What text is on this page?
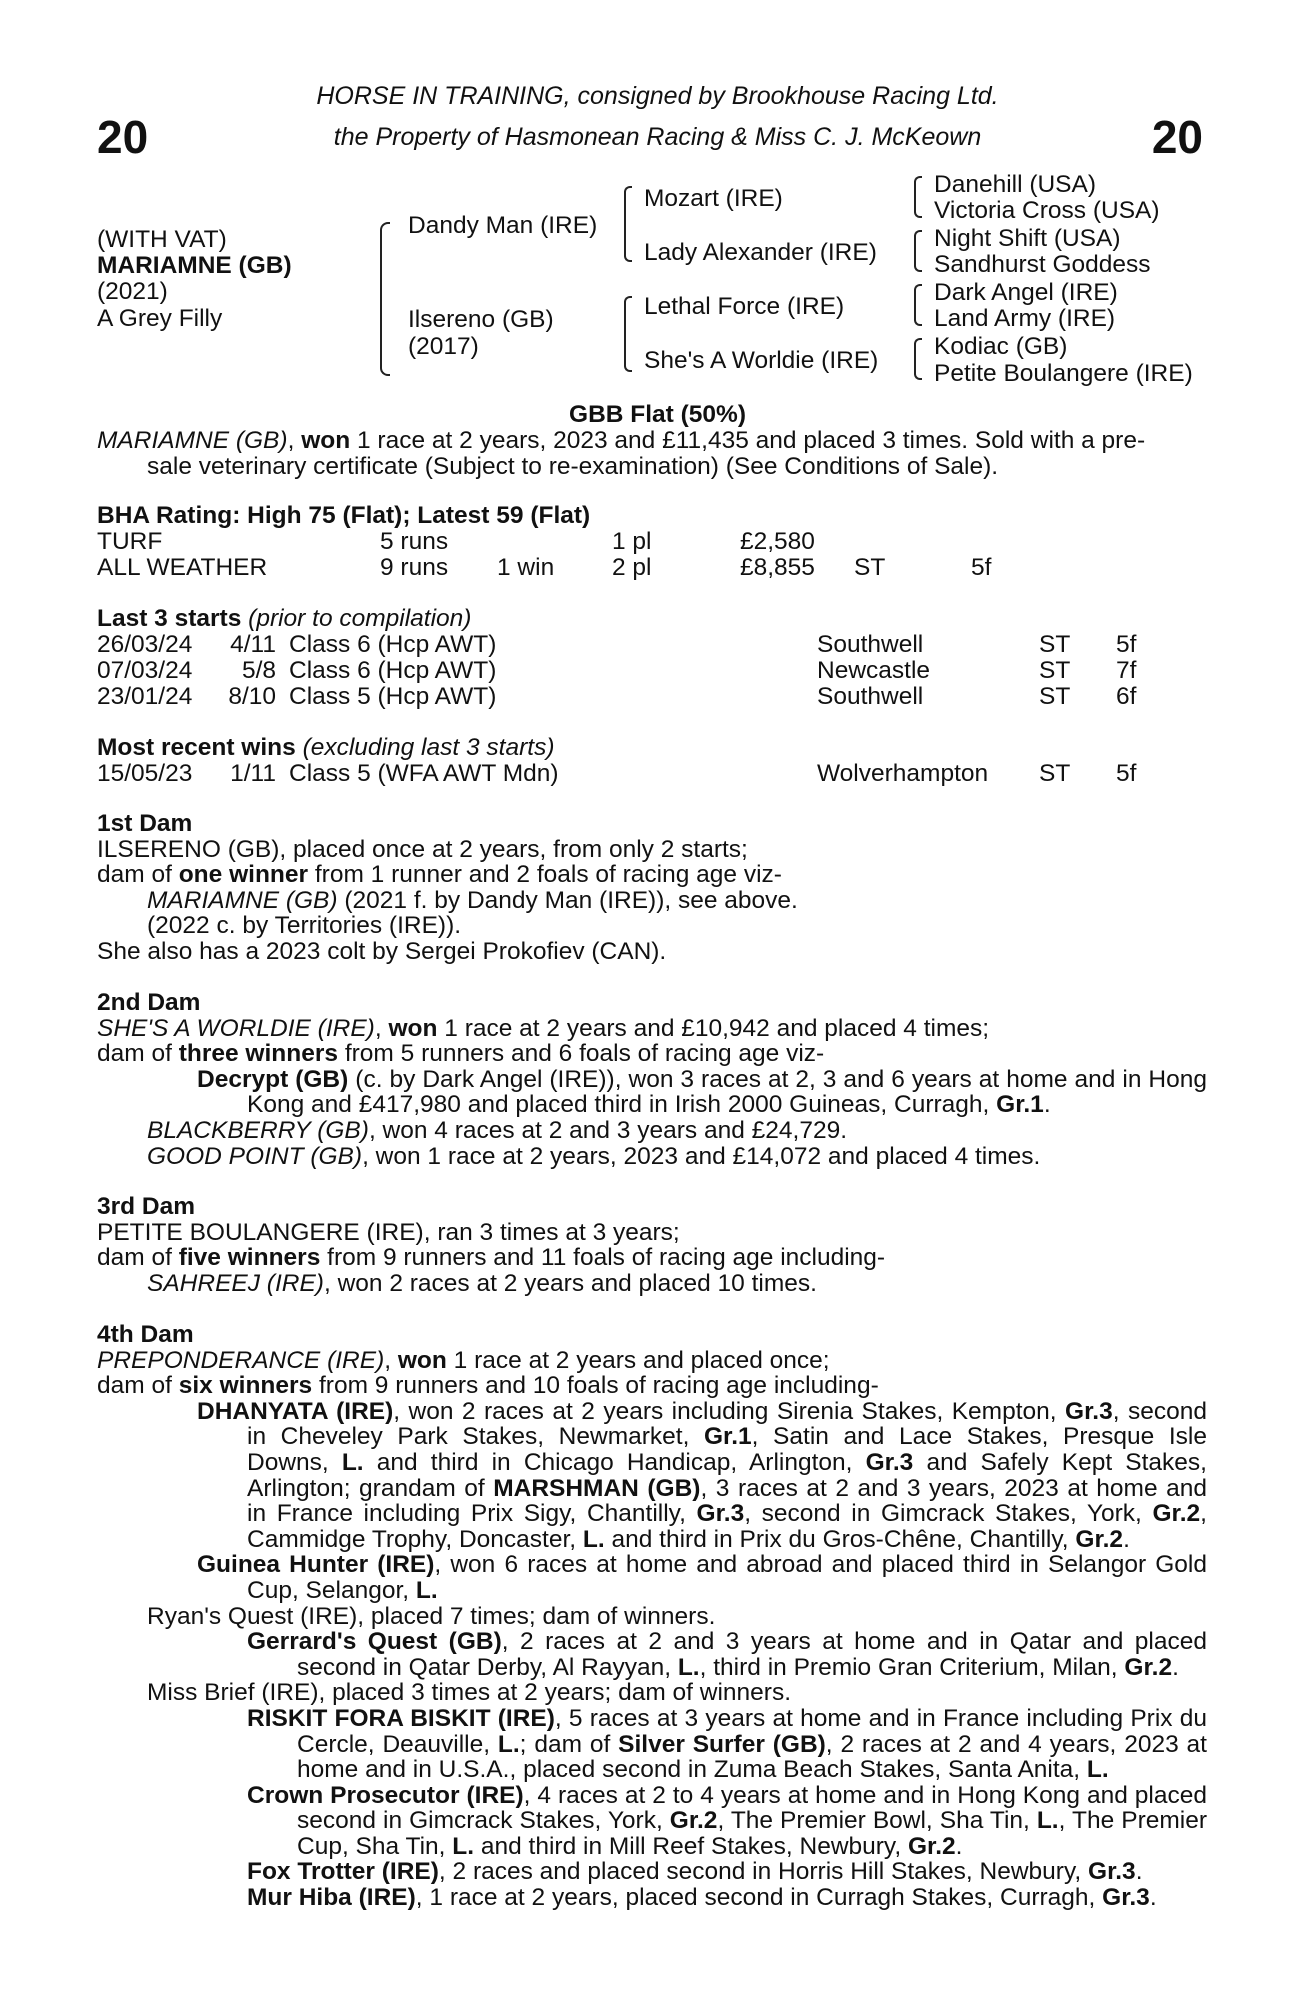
20	20
HORSE IN TRAINING, consigned by Brookhouse Racing Ltd.
the Property of Hasmonean Racing & Miss C. J. McKeown
(WITH VAT)
MARIAMNE (GB)
(2021)
A Grey Filly
Dandy Man (IRE)
Ilsereno (GB)
(2017)
Mozart (IRE)
Lady Alexander (IRE)
Lethal Force (IRE)
She's A Worldie (IRE)
Danehill (USA)
Victoria Cross (USA)
Night Shift (USA)
Sandhurst Goddess
Dark Angel (IRE)
Land Army (IRE)
Kodiac (GB)
Petite Boulangere (IRE)
GBB Flat (50%)

MARIAMNE (GB), won 1 race at 2 years, 2023 and £11,435 and placed 3 times. Sold with a pre-

sale veterinary certificate (Subject to re-examination) (See Conditions of Sale).

BHA Rating: High 75 (Flat); Latest 59 (Flat)
TURF	5 runs	1 pl	£2,580
ALL WEATHER	9 runs 1 win 2 pl	£8,855 ST	5f
Last 3 starts (prior to compilation)
26/03/24	4/11 Class 6 (Hcp AWT)	Southwell	ST 5f
07/03/24	5/8 Class 6 (Hcp AWT)	Newcastle	ST 7f
23/01/24	8/10 Class 5 (Hcp AWT)	Southwell	ST 6f
Most recent wins (excluding last 3 starts)
15/05/23	1/11 Class 5 (WFA AWT Mdn)	Wolverhampton ST 5f

1st Dam

ILSERENO (GB), placed once at 2 years, from only 2 starts;

dam of one winner from 1 runner and 2 foals of racing age viz-

MARIAMNE (GB) (2021 f. by Dandy Man (IRE)), see above.

(2022 c. by Territories (IRE)).

She also has a 2023 colt by Sergei Prokofiev (CAN).

2nd Dam

SHE'S A WORLDIE (IRE), won 1 race at 2 years and £10,942 and placed 4 times;

dam of three winners from 5 runners and 6 foals of racing age viz-

Decrypt (GB) (c. by Dark Angel (IRE)), won 3 races at 2, 3 and 6 years at home and in Hong Kong and £417,980 and placed third in Irish 2000 Guineas, Curragh, Gr.1.

BLACKBERRY (GB), won 4 races at 2 and 3 years and £24,729.

GOOD POINT (GB), won 1 race at 2 years, 2023 and £14,072 and placed 4 times.

3rd Dam

PETITE BOULANGERE (IRE), ran 3 times at 3 years;

dam of five winners from 9 runners and 11 foals of racing age including-

SAHREEJ (IRE), won 2 races at 2 years and placed 10 times.

4th Dam

PREPONDERANCE (IRE), won 1 race at 2 years and placed once;

dam of six winners from 9 runners and 10 foals of racing age including-

DHANYATA (IRE), won 2 races at 2 years including Sirenia Stakes, Kempton, Gr.3, second in Cheveley Park Stakes, Newmarket, Gr.1, Satin and Lace Stakes, Presque Isle Downs, L. and third in Chicago Handicap, Arlington, Gr.3 and Safely Kept Stakes, Arlington; grandam of MARSHMAN (GB), 3 races at 2 and 3 years, 2023 at home and in France including Prix Sigy, Chantilly, Gr.3, second in Gimcrack Stakes, York, Gr.2, Cammidge Trophy, Doncaster, L. and third in Prix du Gros-Chêne, Chantilly, Gr.2.

Guinea Hunter (IRE), won 6 races at home and abroad and placed third in Selangor Gold Cup, Selangor, L.

Ryan's Quest (IRE), placed 7 times; dam of winners.

Gerrard's Quest (GB), 2 races at 2 and 3 years at home and in Qatar and placed second in Qatar Derby, Al Rayyan, L., third in Premio Gran Criterium, Milan, Gr.2.

Miss Brief (IRE), placed 3 times at 2 years; dam of winners.

RISKIT FORA BISKIT (IRE), 5 races at 3 years at home and in France including Prix du Cercle, Deauville, L.; dam of Silver Surfer (GB), 2 races at 2 and 4 years, 2023 at home and in U.S.A., placed second in Zuma Beach Stakes, Santa Anita, L.

Crown Prosecutor (IRE), 4 races at 2 to 4 years at home and in Hong Kong and placed second in Gimcrack Stakes, York, Gr.2, The Premier Bowl, Sha Tin, L., The Premier Cup, Sha Tin, L. and third in Mill Reef Stakes, Newbury, Gr.2.

Fox Trotter (IRE), 2 races and placed second in Horris Hill Stakes, Newbury, Gr.3.

Mur Hiba (IRE), 1 race at 2 years, placed second in Curragh Stakes, Curragh, Gr.3.
